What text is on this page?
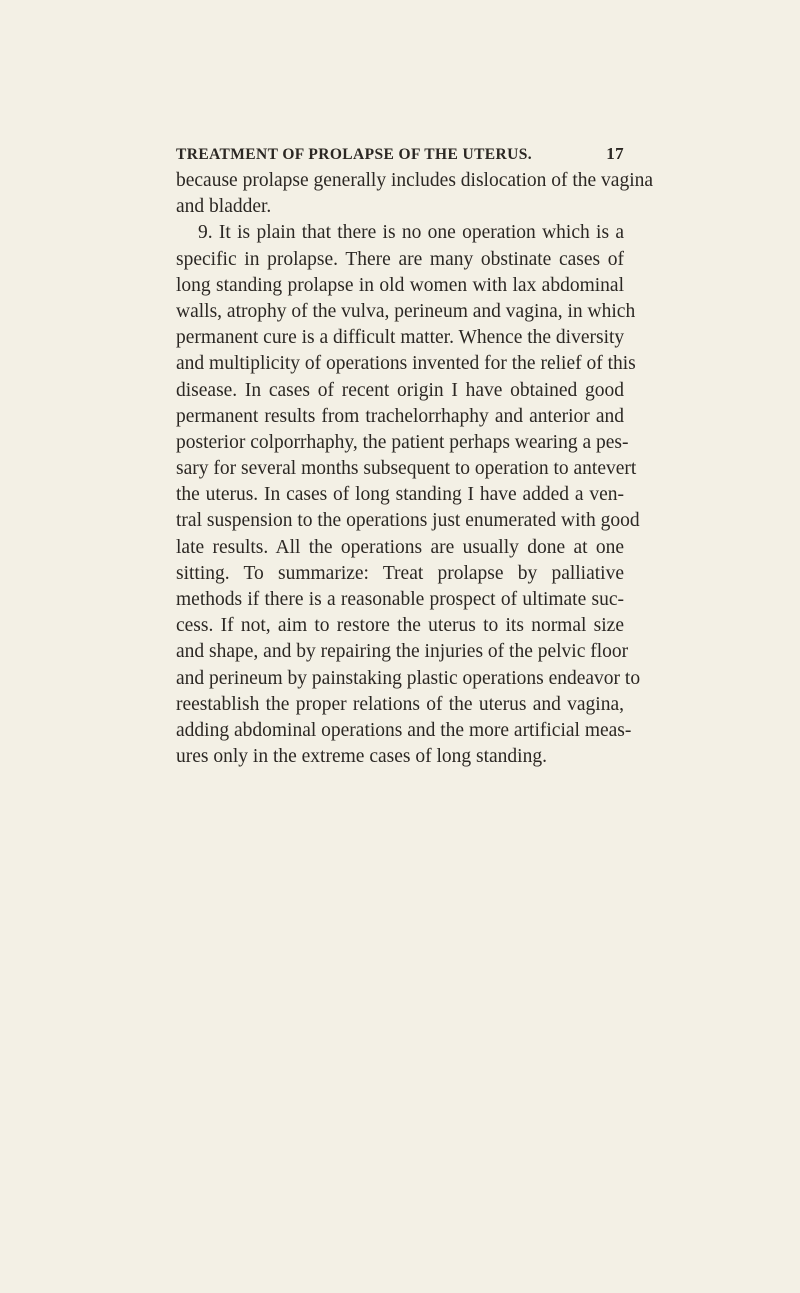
TREATMENT OF PROLAPSE OF THE UTERUS.	17
because prolapse generally includes dislocation of the vagina
and bladder.
9. It is plain that there is no one operation which is a
specific in prolapse. There are many obstinate cases of
long standing prolapse in old women with lax abdominal
walls, atrophy of the vulva, perineum and vagina, in which
permanent cure is a difficult matter. Whence the diversity
and multiplicity of operations invented for the relief of this
disease. In cases of recent origin I have obtained good
permanent results from trachelorrhaphy and anterior and
posterior colporrhaphy, the patient perhaps wearing a pes-
sary for several months subsequent to operation to antevert
the uterus. In cases of long standing I have added a ven-
tral suspension to the operations just enumerated with good
late results. All the operations are usually done at one
sitting. To summarize: Treat prolapse by palliative
methods if there is a reasonable prospect of ultimate suc-
cess. If not, aim to restore the uterus to its normal size
and shape, and by repairing the injuries of the pelvic floor
and perineum by painstaking plastic operations endeavor to
reestablish the proper relations of the uterus and vagina,
adding abdominal operations and the more artificial meas-
ures only in the extreme cases of long standing.
